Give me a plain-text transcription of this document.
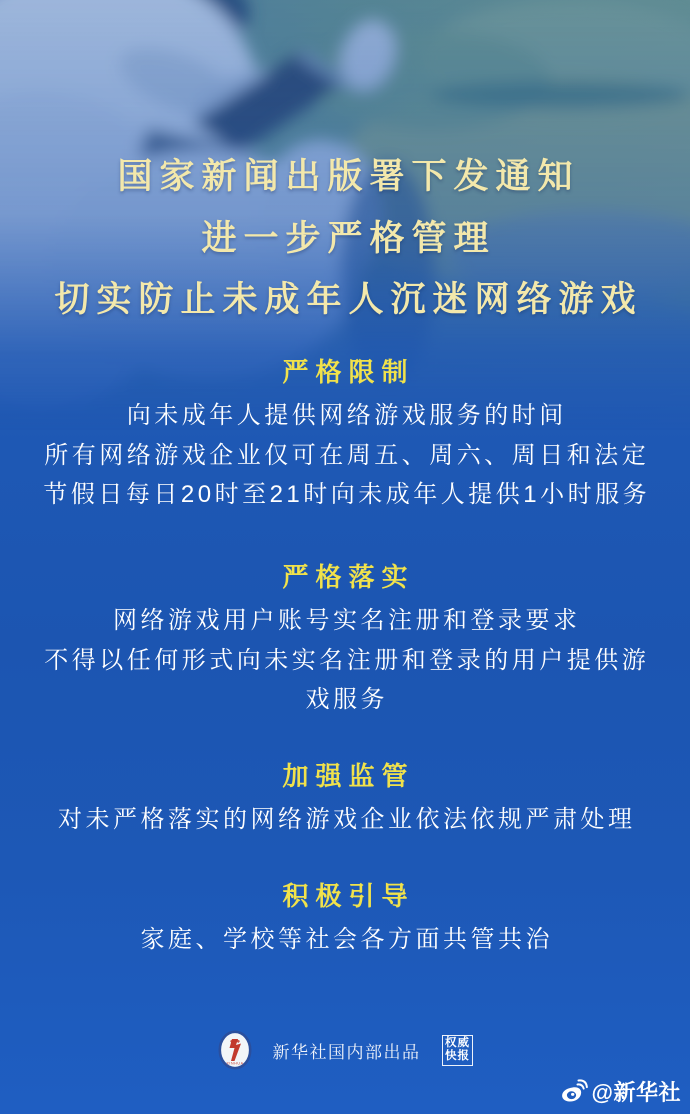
国家新闻出版署下发通知
进一步严格管理
切实防止未成年人沉迷网络游戏
严格限制
向未成年人提供网络游戏服务的时间
所有网络游戏企业仅可在周五、周六、周日和法定
节假日每日20时至21时向未成年人提供1小时服务
严格落实
网络游戏用户账号实名注册和登录要求
不得以任何形式向未实名注册和登录的用户提供游
戏服务
加强监管
对未严格落实的网络游戏企业依法依规严肃处理
积极引导
家庭、学校等社会各方面共管共治
XINHUA
新华社国内部出品 权威
快报
@新华社
